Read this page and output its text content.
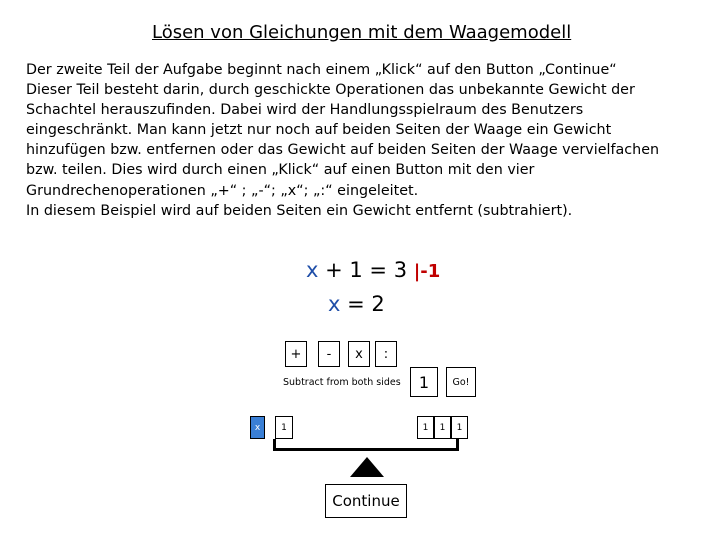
Lösen von Gleichungen mit dem Waagemodell
Der zweite Teil der Aufgabe beginnt nach einem „Klick“ auf den Button „Continue“
Dieser Teil besteht darin, durch geschickte Operationen das unbekannte Gewicht der
Schachtel herauszufinden. Dabei wird der Handlungsspielraum des Benutzers
eingeschränkt. Man kann jetzt nur noch auf beiden Seiten der Waage ein Gewicht
hinzufügen bzw. entfernen oder das Gewicht auf beiden Seiten der Waage vervielfachen
bzw. teilen. Dies wird durch einen „Klick“ auf einen Button mit den vier
Grundrechenoperationen „+“ ; „-“; „x“; „:“ eingeleitet.
In diesem Beispiel wird auf beiden Seiten ein Gewicht entfernt (subtrahiert).
x + 1 = 3 |-1
x = 2
+	-	x	:
Subtract from both sides	1	Go!
x	1	1	1	1
Continue
